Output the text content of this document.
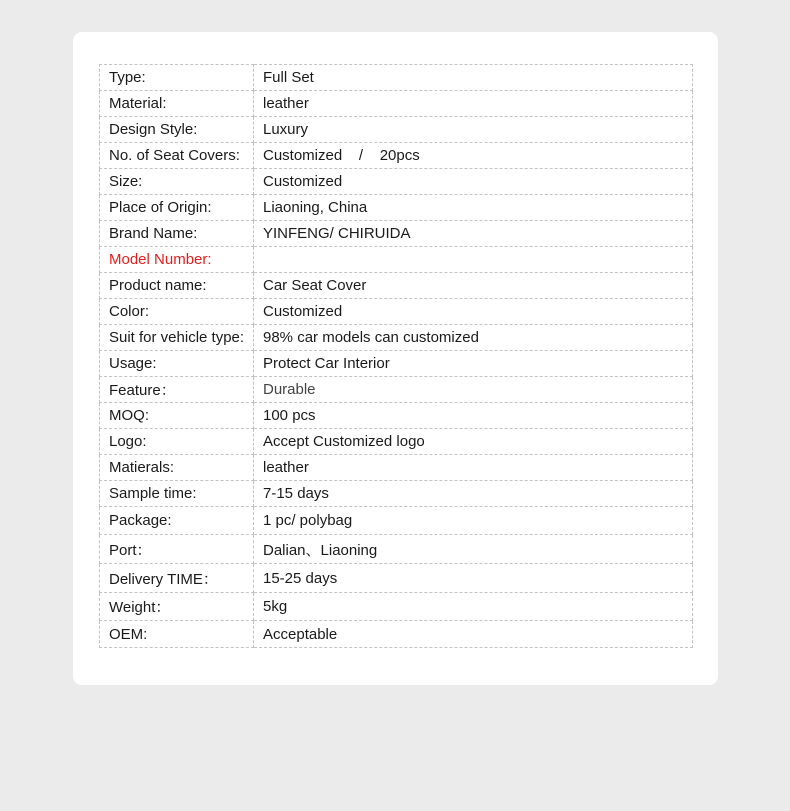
Type:	Full Set
Material:	leather
Design Style:	Luxury
No. of Seat Covers:	Customized    /    20pcs
Size:	Customized
Place of Origin:	Liaoning, China
Brand Name:	YINFENG/ CHIRUIDA
Model Number:	
Product name:	Car Seat Cover
Color:	Customized
Suit for vehicle type:	98% car models can customized
Usage:	Protect Car Interior
Feature：	Durable
MOQ:	100 pcs
Logo:	Accept Customized logo
Matierals:	leather
Sample time:	7-15 days
Package:	1 pc/ polybag
Port：	Dalian、Liaoning
Delivery TIME：	15-25 days
Weight：	5kg
OEM:	Acceptable
